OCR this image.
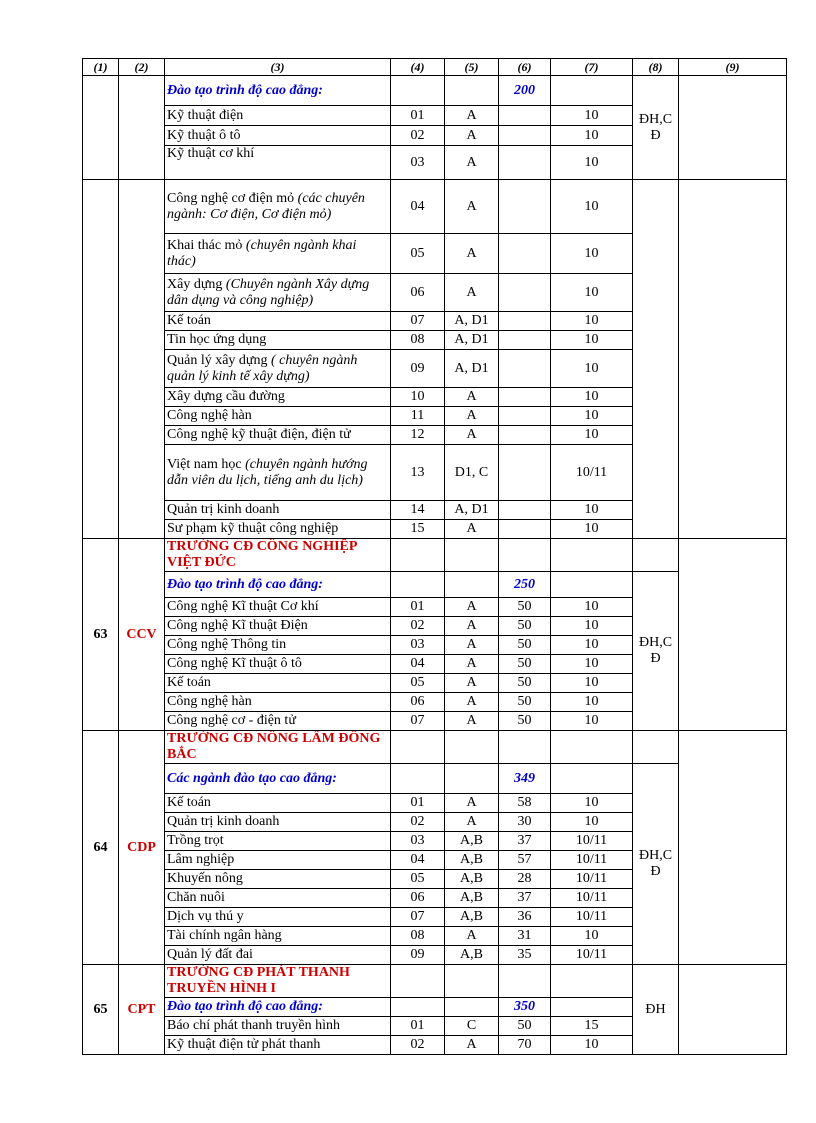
(1)	(2)	(3)	(4)	(5)	(6)	(7)	(8)	(9)
		Đào tạo trình độ cao đẳng:			200		ĐH,C
Đ	
		Kỹ thuật điện	01	A		10		
		Kỹ thuật ô tô	02	A		10		
		Kỹ thuật cơ khí	03	A		10		
		Công nghệ cơ điện mỏ (các chuyên ngành: Cơ điện, Cơ điện mỏ)	04	A		10		
		Khai thác mỏ (chuyên ngành khai thác)	05	A		10		
		Xây dựng (Chuyên ngành Xây dựng dân dụng và công nghiệp)	06	A		10		
		Kế toán	07	A, D1		10		
		Tin học ứng dụng	08	A, D1		10		
		Quản lý xây dựng ( chuyên ngành quản lý kinh tế xây dựng)	09	A, D1		10		
		Xây dựng cầu đường	10	A		10		
		Công nghệ hàn	11	A		10		
		Công nghệ kỹ thuật điện, điện tử	12	A		10		
		Việt nam học (chuyên ngành hướng dẫn viên du lịch, tiếng anh du lịch)	13	D1, C		10/11		
		Quản trị kinh doanh	14	A, D1		10		
		Sư phạm kỹ thuật công nghiệp	15	A		10		
63	CCV	TRƯỜNG CĐ CÔNG NGHIỆP VIỆT ĐỨC						
		Đào tạo trình độ cao đẳng:			250		ĐH,C
Đ	
		Công nghệ Kĩ thuật Cơ khí	01	A	50	10		
		Công nghệ Kĩ thuật Điện	02	A	50	10		
		Công nghệ Thông tin	03	A	50	10		
		Công nghệ Kĩ thuật ô tô	04	A	50	10		
		Kế toán	05	A	50	10		
		Công nghệ hàn	06	A	50	10		
		Công nghệ cơ - điện tử	07	A	50	10		
64	CDP	TRƯỜNG CĐ NÔNG LÂM ĐÔNG BẮC						
		Các ngành đào tạo cao đẳng:			349		ĐH,C
Đ	
		Kế toán	01	A	58	10		
		Quản trị kinh doanh	02	A	30	10		
		Trồng trọt	03	A,B	37	10/11		
		Lâm nghiệp	04	A,B	57	10/11		
		Khuyến nông	05	A,B	28	10/11		
		Chăn nuôi	06	A,B	37	10/11		
		Dịch vụ thú y	07	A,B	36	10/11		
		Tài chính ngân hàng	08	A	31	10		
		Quản lý đất đai	09	A,B	35	10/11		
65	CPT	TRƯỜNG CĐ PHÁT THANH TRUYỀN HÌNH I					ĐH	
		Đào tạo trình độ cao đẳng:			350			
		Báo chí phát thanh truyền hình	01	C	50	15		
		Kỹ thuật điện tử phát thanh	02	A	70	10		
